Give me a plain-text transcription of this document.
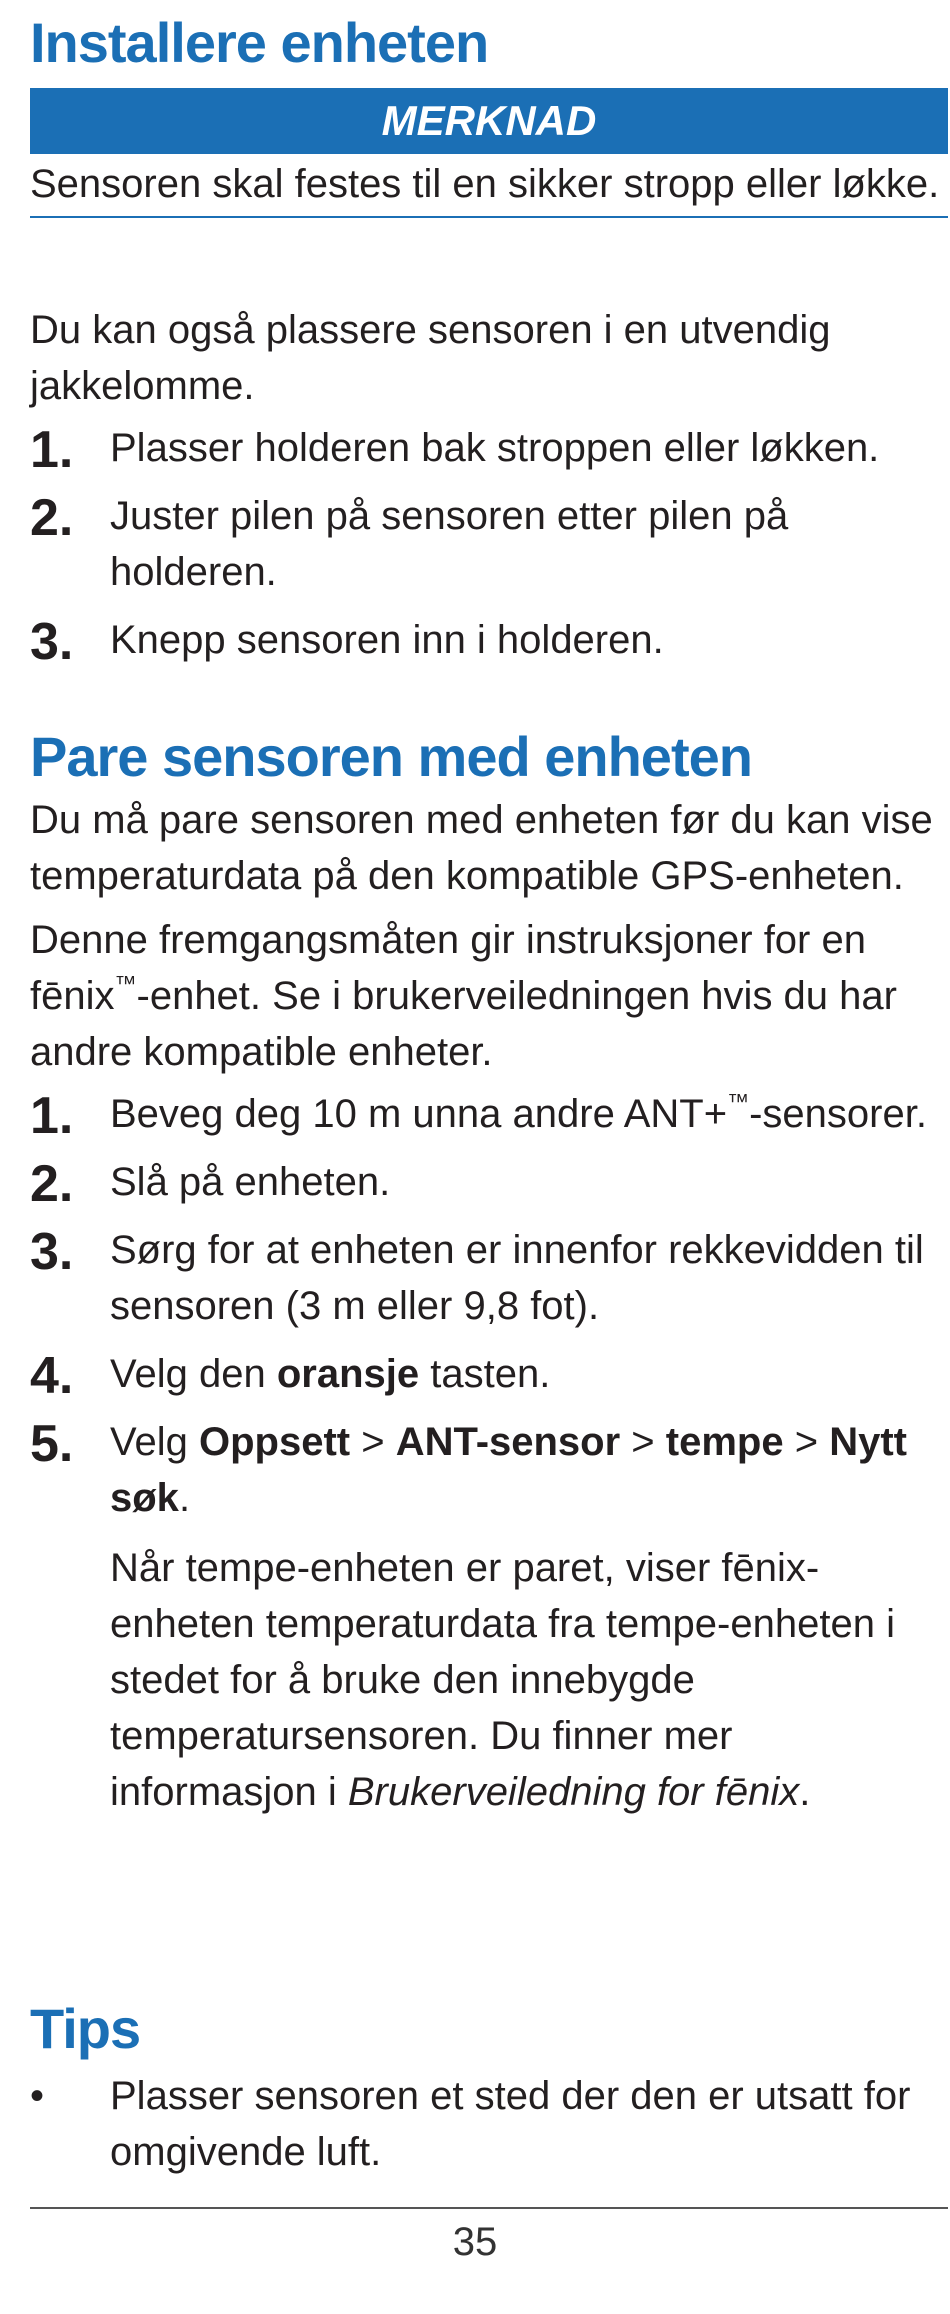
Installere enheten
MERKNAD
Sensoren skal festes til en sikker stropp eller løkke.

Du kan også plassere sensoren i en utvendig jakkelomme.

1. Plasser holderen bak stroppen eller løkken.
2. Juster pilen på sensoren etter pilen på holderen.
3. Knepp sensoren inn i holderen.
Pare sensoren med enheten

Du må pare sensoren med enheten før du kan vise temperaturdata på den kompatible GPS-enheten.

Denne fremgangsmåten gir instruksjoner for en fēnix™-enhet. Se i brukerveiledningen hvis du har andre kompatible enheter.

1. Beveg deg 10 m unna andre ANT+™-sensorer.
2. Slå på enheten.
3. Sørg for at enheten er innenfor rekkevidden til sensoren (3 m eller 9,8 fot).
4. Velg den oransje tasten.
5. Velg Oppsett > ANT-sensor > tempe > Nytt søk.
Når tempe-enheten er paret, viser fēnix-enheten temperaturdata fra tempe-enheten i stedet for å bruke den innebygde temperatursensoren. Du finner mer informasjon i Brukerveiledning for fēnix.
Tips
• Plasser sensoren et sted der den er utsatt for omgivende luft.
35
